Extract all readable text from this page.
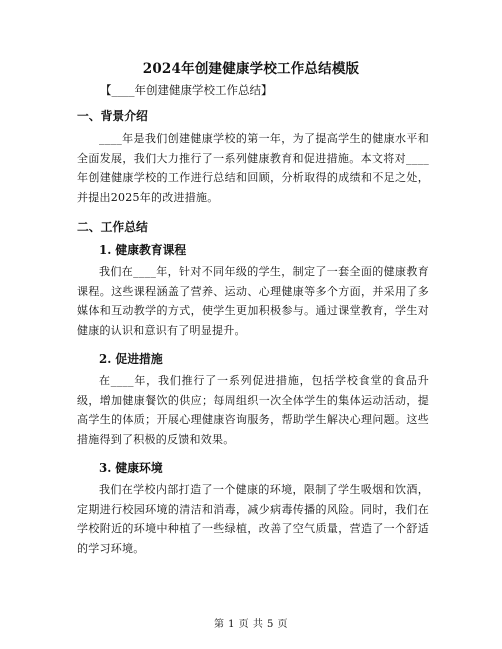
2024年创建健康学校工作总结模版
【____年创建健康学校工作总结】
一、背景介绍
____年是我们创建健康学校的第一年，为了提高学生的健康水平和全面发展，我们大力推行了一系列健康教育和促进措施。本文将对____年创建健康学校的工作进行总结和回顾，分析取得的成绩和不足之处，并提出2025年的改进措施。
二、工作总结
1. 健康教育课程
我们在____年，针对不同年级的学生，制定了一套全面的健康教育课程。这些课程涵盖了营养、运动、心理健康等多个方面，并采用了多媒体和互动教学的方式，使学生更加积极参与。通过课堂教育，学生对健康的认识和意识有了明显提升。
2. 促进措施
在____年，我们推行了一系列促进措施，包括学校食堂的食品升级，增加健康餐饮的供应；每周组织一次全体学生的集体运动活动，提高学生的体质；开展心理健康咨询服务，帮助学生解决心理问题。这些措施得到了积极的反馈和效果。
3. 健康环境
我们在学校内部打造了一个健康的环境，限制了学生吸烟和饮酒，定期进行校园环境的清洁和消毒，减少病毒传播的风险。同时，我们在学校附近的环境中种植了一些绿植，改善了空气质量，营造了一个舒适的学习环境。
第 1 页 共 5 页
